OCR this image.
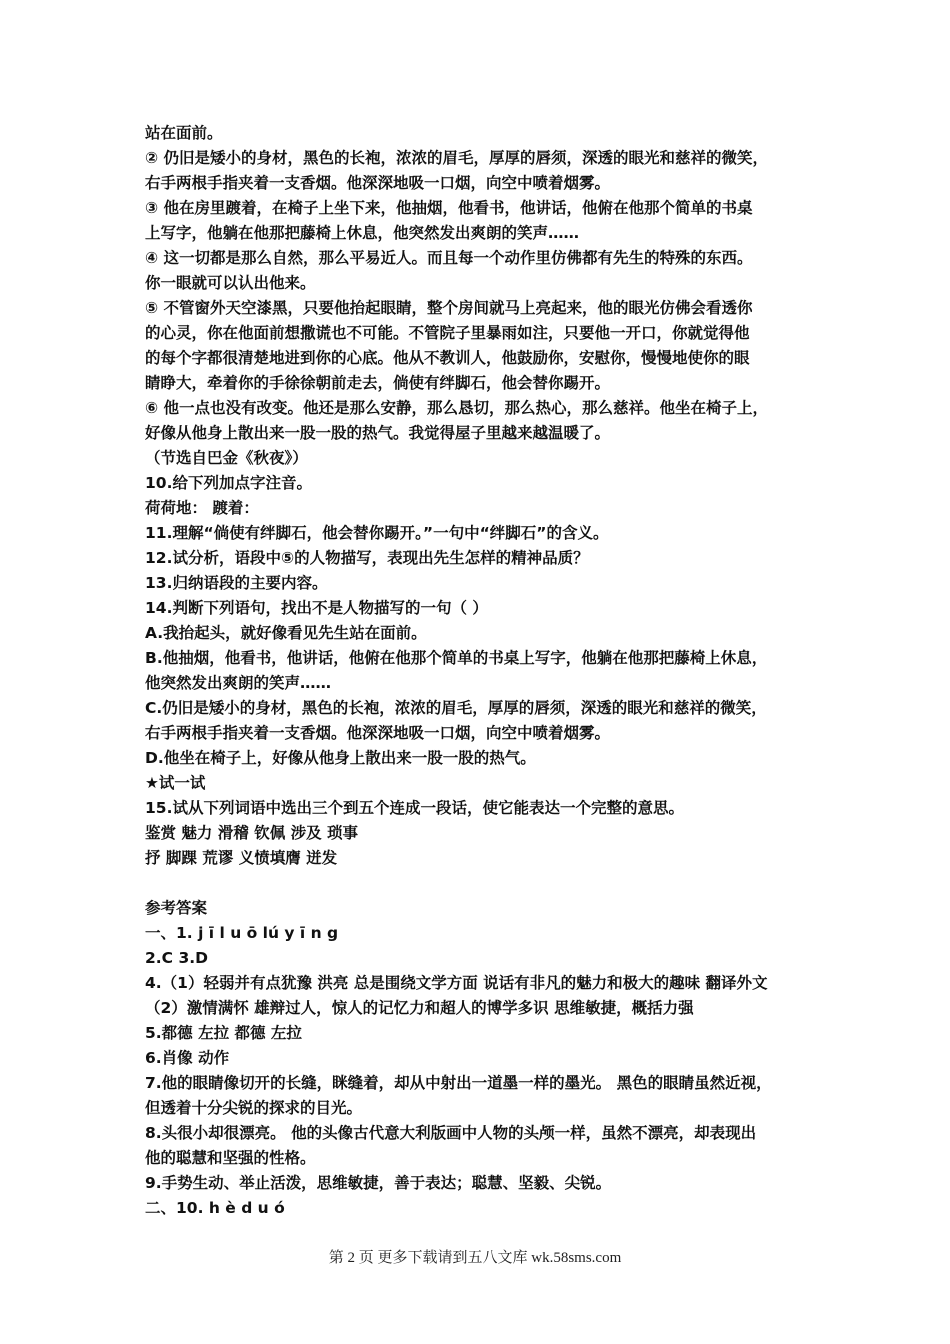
站在面前。
② 仍旧是矮小的身材，黑色的长袍，浓浓的眉毛，厚厚的唇须，深透的眼光和慈祥的微笑，
右手两根手指夹着一支香烟。他深深地吸一口烟，向空中喷着烟雾。
③ 他在房里踱着，在椅子上坐下来，他抽烟，他看书，他讲话，他俯在他那个简单的书桌
上写字，他躺在他那把藤椅上休息，他突然发出爽朗的笑声……
④ 这一切都是那么自然，那么平易近人。而且每一个动作里仿佛都有先生的特殊的东西。
你一眼就可以认出他来。
⑤ 不管窗外天空漆黑，只要他抬起眼睛，整个房间就马上亮起来，他的眼光仿佛会看透你
的心灵，你在他面前想撒谎也不可能。不管院子里暴雨如注，只要他一开口，你就觉得他
的每个字都很清楚地进到你的心底。他从不教训人，他鼓励你，安慰你，慢慢地使你的眼
睛睁大，牵着你的手徐徐朝前走去，倘使有绊脚石，他会替你踢开。
⑥ 他一点也没有改变。他还是那么安静，那么恳切，那么热心，那么慈祥。他坐在椅子上，
好像从他身上散出来一股一股的热气。我觉得屋子里越来越温暖了。
（节选自巴金《秋夜》）
10.给下列加点字注音。
荷荷地： 踱着：
11.理解“倘使有绊脚石，他会替你踢开。”一句中“绊脚石”的含义。
12.试分析，语段中⑤的人物描写，表现出先生怎样的精神品质？
13.归纳语段的主要内容。
14.判断下列语句，找出不是人物描写的一句（ ）
A.我抬起头，就好像看见先生站在面前。
B.他抽烟，他看书，他讲话，他俯在他那个简单的书桌上写字，他躺在他那把藤椅上休息，
他突然发出爽朗的笑声……
C.仍旧是矮小的身材，黑色的长袍，浓浓的眉毛，厚厚的唇须，深透的眼光和慈祥的微笑，
右手两根手指夹着一支香烟。他深深地吸一口烟，向空中喷着烟雾。
D.他坐在椅子上，好像从他身上散出来一股一股的热气。
★试一试
15.试从下列词语中选出三个到五个连成一段话，使它能表达一个完整的意思。
鉴赏 魅力 滑稽 钦佩 涉及 琐事
抒 脚踝 荒谬 义愤填膺 迸发
参考答案
一、1. j ī l u ō lú y ī n g
2.C 3.D
4.（1）轻弱并有点犹豫 洪亮 总是围绕文学方面 说话有非凡的魅力和极大的趣味 翻译外文
（2）激情满怀 雄辩过人，惊人的记忆力和超人的博学多识 思维敏捷，概括力强
5.都德 左拉 都德 左拉
6.肖像 动作
7.他的眼睛像切开的长缝，眯缝着，却从中射出一道墨一样的墨光。 黑色的眼睛虽然近视，
但透着十分尖锐的探求的目光。
8.头很小却很漂亮。 他的头像古代意大利版画中人物的头颅一样，虽然不漂亮，却表现出
他的聪慧和坚强的性格。
9.手势生动、举止活泼，思维敏捷，善于表达；聪慧、坚毅、尖锐。
二、10. h è d u ó
第 2 页 更多下载请到五八文库 wk.58sms.com
